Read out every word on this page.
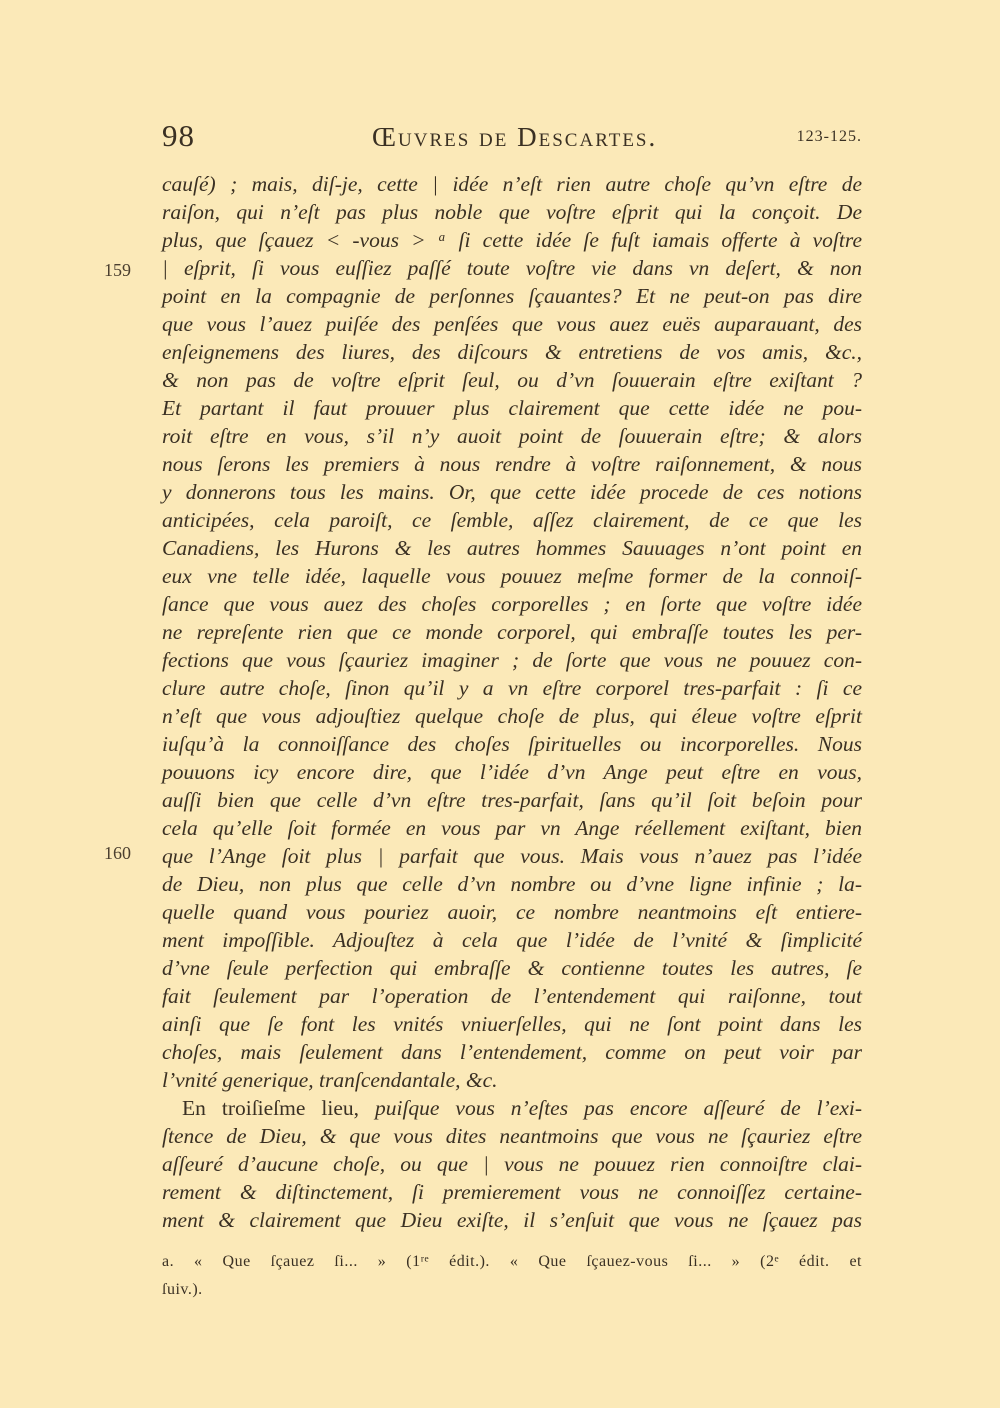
98	Œuvres de Descartes.	123-125.
159
160
cauſé) ; mais, diſ-je, cette | idée n’eſt rien autre choſe qu’vn eſtre de
raiſon, qui n’eſt pas plus noble que voſtre eſprit qui la conçoit. De
plus, que ſçauez < -vous > ᵃ ſi cette idée ſe fuſt iamais offerte à voſtre
| eſprit, ſi vous euſſiez paſſé toute voſtre vie dans vn deſert, & non
point en la compagnie de perſonnes ſçauantes? Et ne peut-on pas dire
que vous l’auez puiſée des penſées que vous auez euës auparauant, des
enſeignemens des liures, des diſcours & entretiens de vos amis, &c.,
& non pas de voſtre eſprit ſeul, ou d’vn ſouuerain eſtre exiſtant ?
Et partant il faut prouuer plus clairement que cette idée ne pou-
roit eſtre en vous, s’il n’y auoit point de ſouuerain eſtre; & alors
nous ſerons les premiers à nous rendre à voſtre raiſonnement, & nous
y donnerons tous les mains. Or, que cette idée procede de ces notions
anticipées, cela paroiſt, ce ſemble, aſſez clairement, de ce que les
Canadiens, les Hurons & les autres hommes Sauuages n’ont point en
eux vne telle idée, laquelle vous pouuez meſme former de la connoiſ-
ſance que vous auez des choſes corporelles ; en ſorte que voſtre idée
ne repreſente rien que ce monde corporel, qui embraſſe toutes les per-
fections que vous ſçauriez imaginer ; de ſorte que vous ne pouuez con-
clure autre choſe, ſinon qu’il y a vn eſtre corporel tres-parfait : ſi ce
n’eſt que vous adjouſtiez quelque choſe de plus, qui éleue voſtre eſprit
iuſqu’à la connoiſſance des choſes ſpirituelles ou incorporelles. Nous
pouuons icy encore dire, que l’idée d’vn Ange peut eſtre en vous,
auſſi bien que celle d’vn eſtre tres-parfait, ſans qu’il ſoit beſoin pour
cela qu’elle ſoit formée en vous par vn Ange réellement exiſtant, bien
que l’Ange ſoit plus | parfait que vous. Mais vous n’auez pas l’idée
de Dieu, non plus que celle d’vn nombre ou d’vne ligne infinie ; la-
quelle quand vous pouriez auoir, ce nombre neantmoins eſt entiere-
ment impoſſible. Adjouſtez à cela que l’idée de l’vnité & ſimplicité
d’vne ſeule perfection qui embraſſe & contienne toutes les autres, ſe
fait ſeulement par l’operation de l’entendement qui raiſonne, tout
ainſi que ſe font les vnités vniuerſelles, qui ne ſont point dans les
choſes, mais ſeulement dans l’entendement, comme on peut voir par
l’vnité generique, tranſcendantale, &c.
En troiſieſme lieu, puiſque vous n’eſtes pas encore aſſeuré de l’exi-
ſtence de Dieu, & que vous dites neantmoins que vous ne ſçauriez eſtre
aſſeuré d’aucune choſe, ou que | vous ne pouuez rien connoiſtre clai-
rement & diſtinctement, ſi premierement vous ne connoiſſez certaine-
ment & clairement que Dieu exiſte, il s’enſuit que vous ne ſçauez pas
a. « Que ſçauez ſi... » (1ʳᵉ édit.). « Que ſçauez-vous ſi... » (2ᵉ édit. et
ſuiv.).
